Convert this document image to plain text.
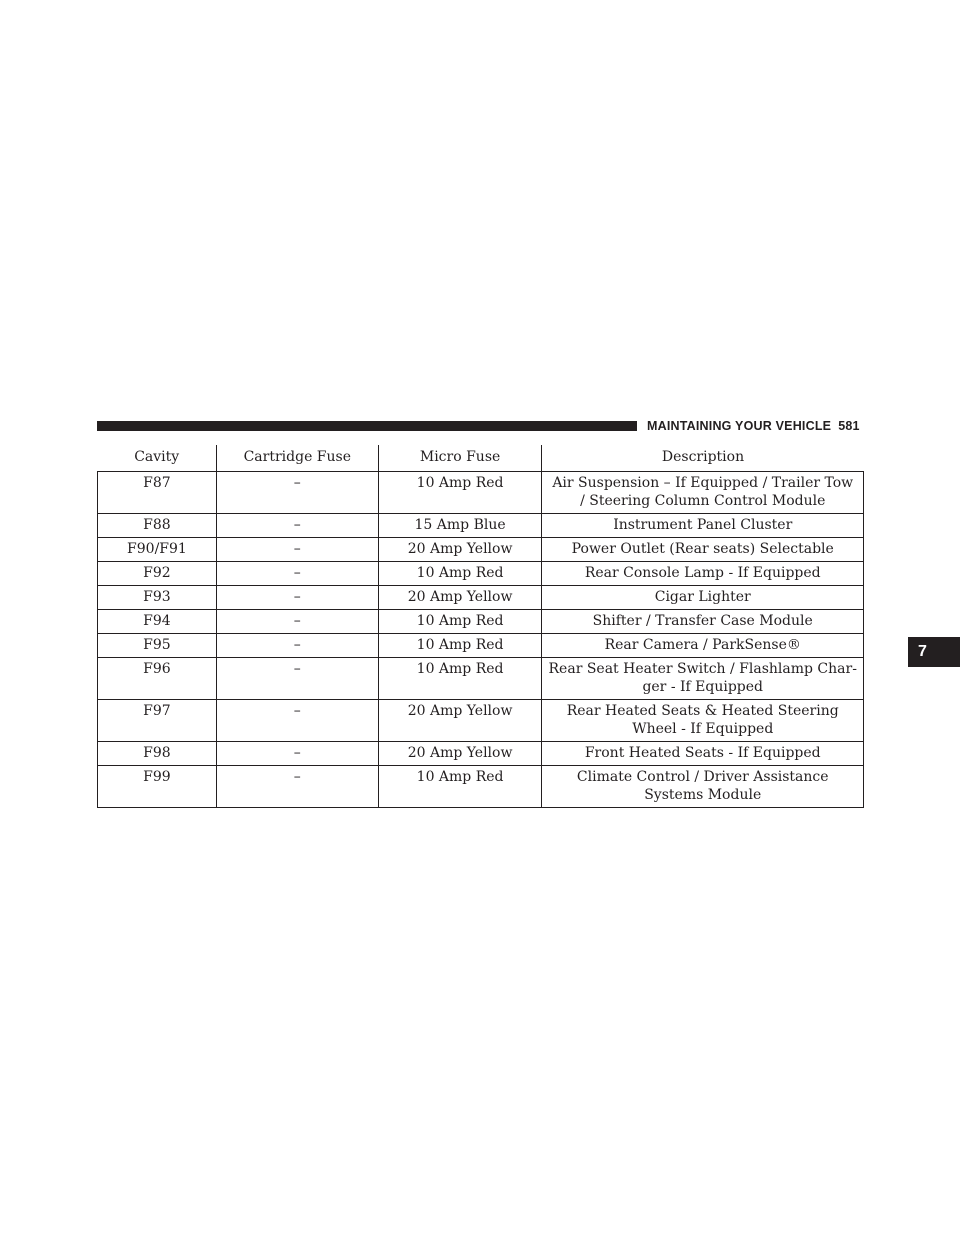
MAINTAINING YOUR VEHICLE 581
7
Cavity	Cartridge Fuse	Micro Fuse	Description
F87	–	10 Amp Red	Air Suspension – If Equipped / Trailer Tow / Steering Column Control Module
F88	–	15 Amp Blue	Instrument Panel Cluster
F90/F91	–	20 Amp Yellow	Power Outlet (Rear seats) Selectable
F92	–	10 Amp Red	Rear Console Lamp - If Equipped
F93	–	20 Amp Yellow	Cigar Lighter
F94	–	10 Amp Red	Shifter / Transfer Case Module
F95	–	10 Amp Red	Rear Camera / ParkSense®
F96	–	10 Amp Red	Rear Seat Heater Switch / Flashlamp Char- ger - If Equipped
F97	–	20 Amp Yellow	Rear Heated Seats & Heated Steering Wheel - If Equipped
F98	–	20 Amp Yellow	Front Heated Seats - If Equipped
F99	–	10 Amp Red	Climate Control / Driver Assistance Systems Module
